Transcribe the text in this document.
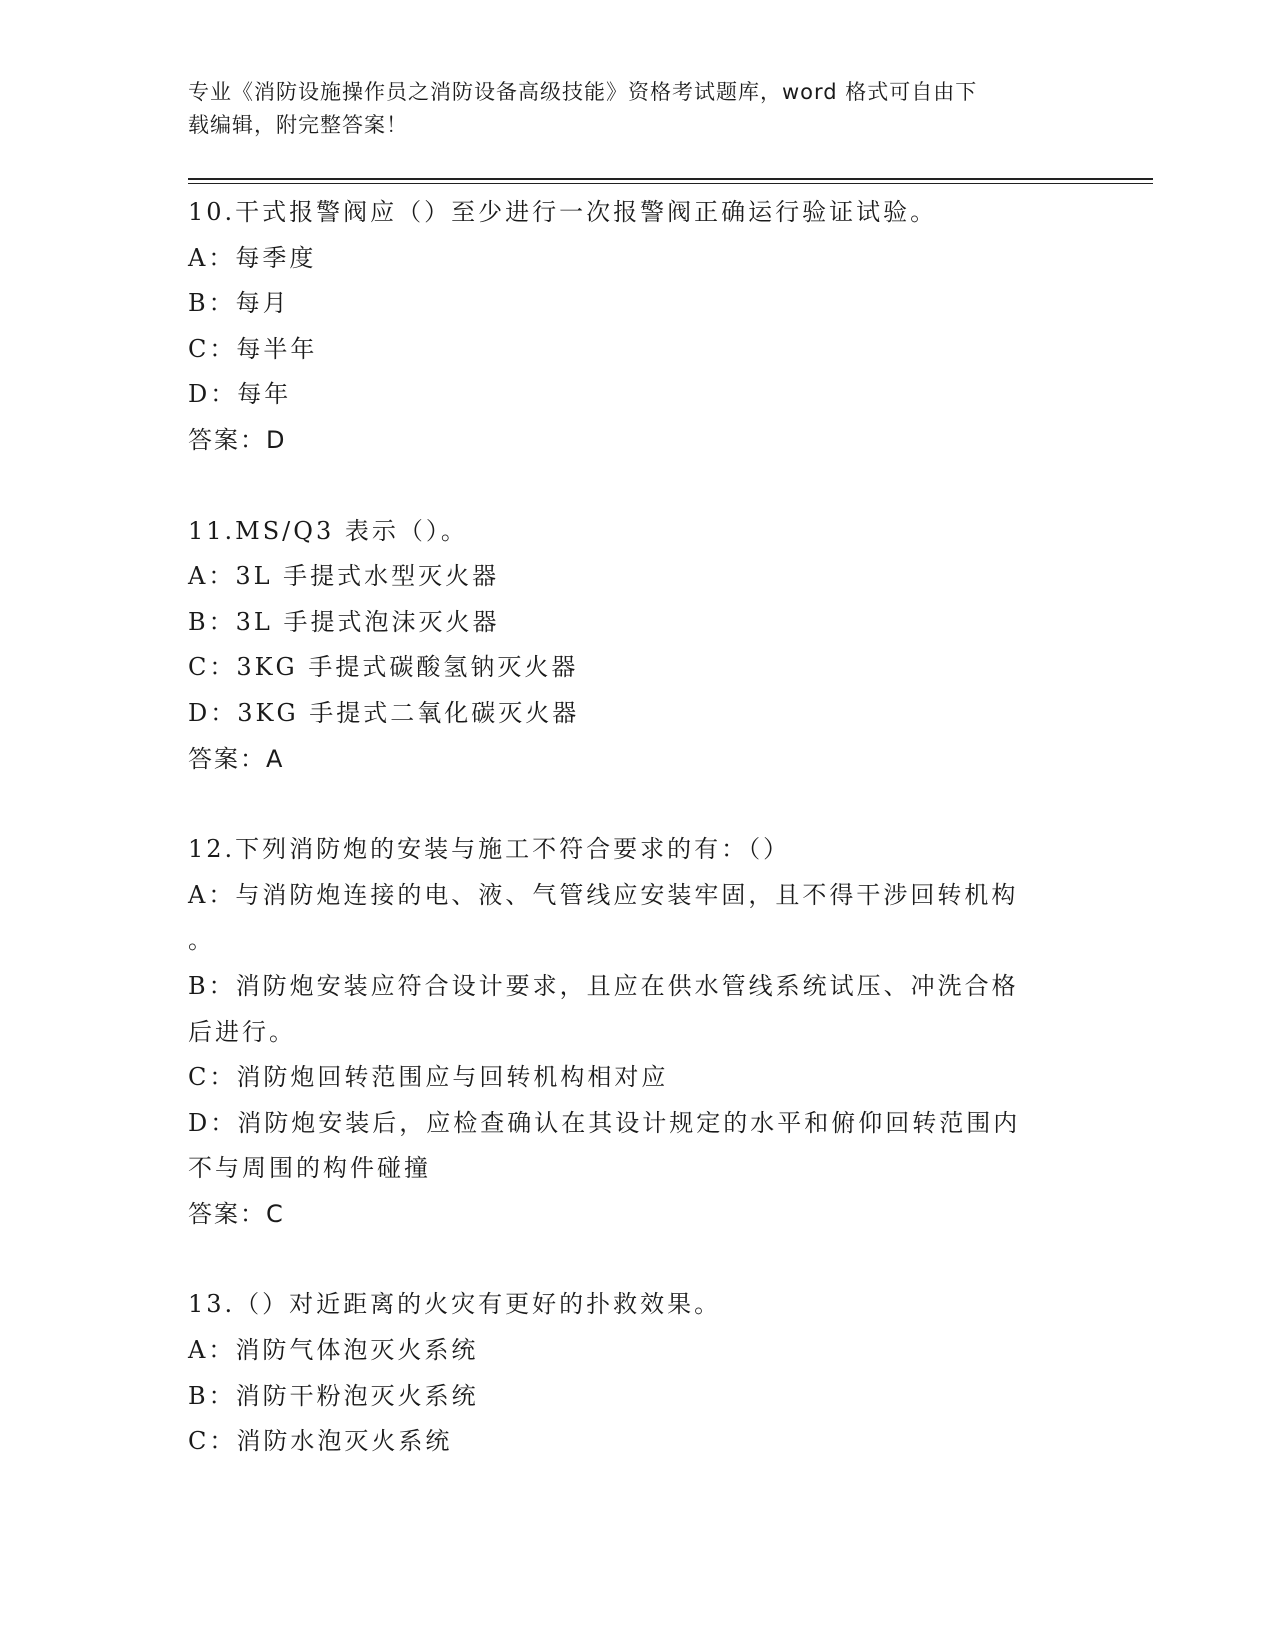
专业《消防设施操作员之消防设备高级技能》资格考试题库，word 格式可自由下
载编辑，附完整答案！
10.干式报警阀应（）至少进行一次报警阀正确运行验证试验。
A：每季度
B：每月
C：每半年
D：每年
答案：D
11.MS/Q3 表示（）。
A：3L 手提式水型灭火器
B：3L 手提式泡沫灭火器
C：3KG 手提式碳酸氢钠灭火器
D：3KG 手提式二氧化碳灭火器
答案：A
12.下列消防炮的安装与施工不符合要求的有：（）
A：与消防炮连接的电、液、气管线应安装牢固，且不得干涉回转机构
。
B：消防炮安装应符合设计要求，且应在供水管线系统试压、冲洗合格
后进行。
C：消防炮回转范围应与回转机构相对应
D：消防炮安装后，应检查确认在其设计规定的水平和俯仰回转范围内
不与周围的构件碰撞
答案：C
13.（）对近距离的火灾有更好的扑救效果。
A：消防气体泡灭火系统
B：消防干粉泡灭火系统
C：消防水泡灭火系统
